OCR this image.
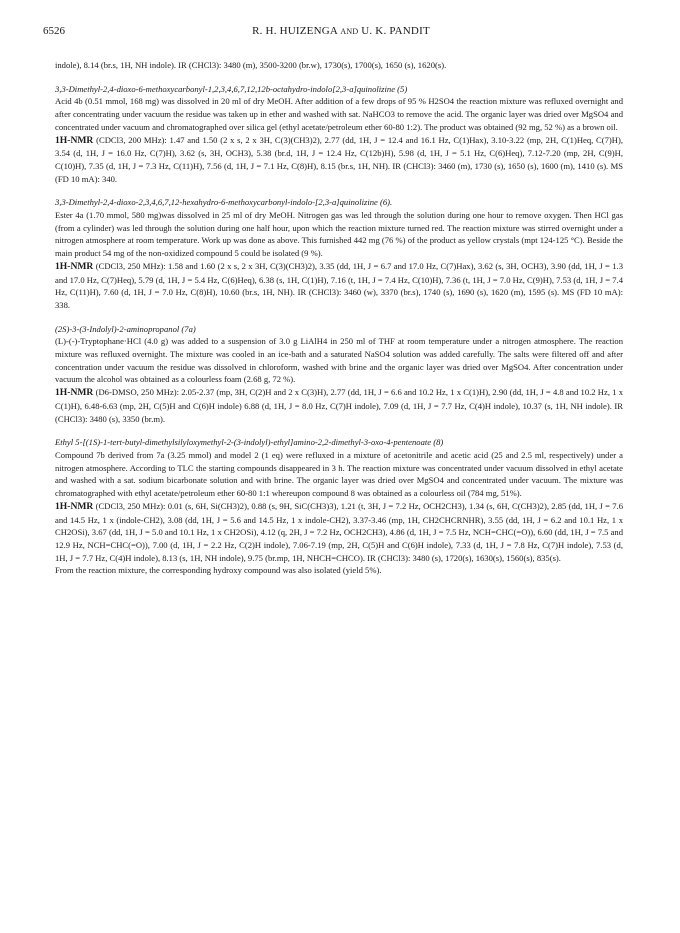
6526	R. H. HUIZENGA and U. K. PANDIT

indole), 8.14 (br.s, 1H, NH indole). IR (CHCl3): 3480 (m), 3500-3200 (br.w), 1730(s), 1700(s), 1650 (s), 1620(s).

3,3-Dimethyl-2,4-dioxo-6-methoxycarbonyl-1,2,3,4,6,7,12,12b-octahydro-indolo[2,3-a]quinolizine (5)

Acid 4b (0.51 mmol, 168 mg) was dissolved in 20 ml of dry MeOH. After addition of a few drops of 95 % H2SO4 the reaction mixture was refluxed overnight and after concentrating under vacuum the residue was taken up in ether and washed with sat. NaHCO3 to remove the acid. The organic layer was dried over MgSO4 and concentrated under vacuum and chromatographed over silica gel (ethyl acetate/petroleum ether 60-80 1:2). The product was obtained (92 mg, 52 %) as a brown oil.

1H-NMR (CDCl3, 200 MHz): 1.47 and 1.50 (2 x s, 2 x 3H, C(3)(CH3)2), 2.77 (dd, 1H, J = 12.4 and 16.1 Hz, C(1)Hax), 3.10-3.22 (mp, 2H, C(1)Heq, C(7)H), 3.54 (d, 1H, J = 16.0 Hz, C(7)H), 3.62 (s, 3H, OCH3), 5.38 (br.d, 1H, J = 12.4 Hz, C(12b)H), 5.98 (d, 1H, J = 5.1 Hz, C(6)Heq), 7.12-7.20 (mp, 2H, C(9)H, C(10)H), 7.35 (d, 1H, J = 7.3 Hz, C(11)H), 7.56 (d, 1H, J = 7.1 Hz, C(8)H), 8.15 (br.s, 1H, NH). IR (CHCl3): 3460 (m), 1730 (s), 1650 (s), 1600 (m), 1410 (s). MS (FD 10 mA): 340.

3,3-Dimethyl-2,4-dioxo-2,3,4,6,7,12-hexahydro-6-methoxycarbonyl-indolo-[2,3-a]quinolizine (6).

Ester 4a (1.70 mmol, 580 mg)was dissolved in 25 ml of dry MeOH. Nitrogen gas was led through the solution during one hour to remove oxygen. Then HCl gas (from a cylinder) was led through the solution during one half hour, upon which the reaction mixture turned red. The reaction mixture was stirred overnight under a nitrogen atmosphere at room temperature. Work up was done as above. This furnished 442 mg (76 %) of the product as yellow crystals (mpt 124-125 °C). Beside the main product 54 mg of the non-oxidized compound 5 could be isolated (9 %).

1H-NMR (CDCl3, 250 MHz): 1.58 and 1.60 (2 x s, 2 x 3H, C(3)(CH3)2), 3.35 (dd, 1H, J = 6.7 and 17.0 Hz, C(7)Hax), 3.62 (s, 3H, OCH3), 3.90 (dd, 1H, J = 1.3 and 17.0 Hz, C(7)Heq), 5.79 (d, 1H, J = 5.4 Hz, C(6)Heq), 6.38 (s, 1H, C(1)H), 7.16 (t, 1H, J = 7.4 Hz, C(10)H), 7.36 (t, 1H, J = 7.0 Hz, C(9)H), 7.53 (d, 1H, J = 7.4 Hz, C(11)H), 7.60 (d, 1H, J = 7.0 Hz, C(8)H), 10.60 (br.s, 1H, NH). IR (CHCl3): 3460 (w), 3370 (br.s), 1740 (s), 1690 (s), 1620 (m), 1595 (s). MS (FD 10 mA): 338.

(2S)-3-(3-Indolyl)-2-aminopropanol (7a)

(L)-(-)-Tryptophane·HCl (4.0 g) was added to a suspension of 3.0 g LiAlH4 in 250 ml of THF at room temperature under a nitrogen atmosphere. The reaction mixture was refluxed overnight. The mixture was cooled in an ice-bath and a saturated NaSO4 solution was added carefully. The salts were filtered off and after concentration under vacuum the residue was dissolved in chloroform, washed with brine and the organic layer was dried over MgSO4. After concentration under vacuum the alcohol was obtained as a colourless foam (2.68 g, 72 %).

1H-NMR (D6-DMSO, 250 MHz): 2.05-2.37 (mp, 3H, C(2)H and 2 x C(3)H), 2.77 (dd, 1H, J = 6.6 and 10.2 Hz, 1 x C(1)H), 2.90 (dd, 1H, J = 4.8 and 10.2 Hz, 1 x C(1)H), 6.48-6.63 (mp, 2H, C(5)H and C(6)H indole) 6.88 (d, 1H, J = 8.0 Hz, C(7)H indole), 7.09 (d, 1H, J = 7.7 Hz, C(4)H indole), 10.37 (s, 1H, NH indole). IR (CHCl3): 3480 (s), 3350 (br.m).

Ethyl 5-[(1S)-1-tert-butyl-dimethylsilyloxymethyl-2-(3-indolyl)-ethyl]amino-2,2-dimethyl-3-oxo-4-pentenoate (8)

Compound 7b derived from 7a (3.25 mmol) and model 2 (1 eq) were refluxed in a mixture of acetonitrile and acetic acid (25 and 2.5 ml, respectively) under a nitrogen atmosphere. According to TLC the starting compounds disappeared in 3 h. The reaction mixture was concentrated under vacuum dissolved in ethyl acetate and washed with a sat. sodium bicarbonate solution and with brine. The organic layer was dried over MgSO4 and concentrated under vacuum. The mixture was chromatographed with ethyl acetate/petroleum ether 60-80 1:1 whereupon compound 8 was obtained as a colourless oil (784 mg, 51%).

1H-NMR (CDCl3, 250 MHz): 0.01 (s, 6H, Si(CH3)2), 0.88 (s, 9H, SiC(CH3)3), 1.21 (t, 3H, J = 7.2 Hz, OCH2CH3), 1.34 (s, 6H, C(CH3)2), 2.85 (dd, 1H, J = 7.6 and 14.5 Hz, 1 x (indole-CH2), 3.08 (dd, 1H, J = 5.6 and 14.5 Hz, 1 x indole-CH2), 3.37-3.46 (mp, 1H, CH2CHCRNHR), 3.55 (dd, 1H, J = 6.2 and 10.1 Hz, 1 x CH2OSi), 3.67 (dd, 1H, J = 5.0 and 10.1 Hz, 1 x CH2OSi), 4.12 (q, 2H, J = 7.2 Hz, OCH2CH3), 4.86 (d, 1H, J = 7.5 Hz, NCH=CHC(=O)), 6.60 (dd, 1H, J = 7.5 and 12.9 Hz, NCH=CHC(=O)), 7.00 (d, 1H, J = 2.2 Hz, C(2)H indole), 7.06-7.19 (mp, 2H, C(5)H and C(6)H indole), 7.33 (d, 1H, J = 7.8 Hz, C(7)H indole), 7.53 (d, 1H, J = 7.7 Hz, C(4)H indole), 8.13 (s, 1H, NH indole), 9.75 (br.mp, 1H, NHCH=CHCO). IR (CHCl3): 3480 (s), 1720(s), 1630(s), 1560(s), 835(s).

From the reaction mixture, the corresponding hydroxy compound was also isolated (yield 5%).
